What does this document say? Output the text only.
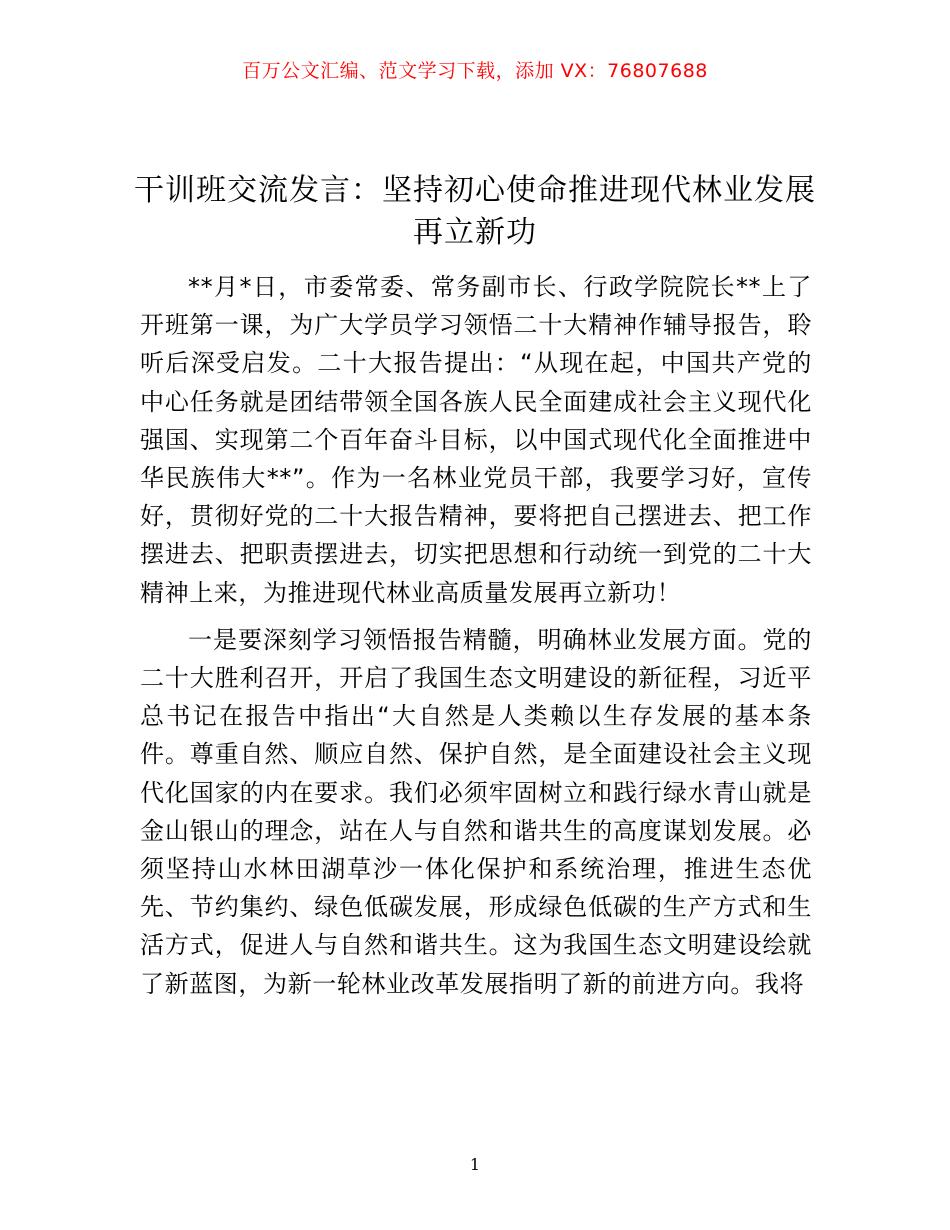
百万公文汇编、范文学习下载，添加 VX：76807688
干训班交流发言：坚持初心使命推进现代林业发展再立新功

**月*日，市委常委、常务副市长、行政学院院长**上了开班第一课，为广大学员学习领悟二十大精神作辅导报告，聆听后深受启发。二十大报告提出：“从现在起，中国共产党的中心任务就是团结带领全国各族人民全面建成社会主义现代化强国、实现第二个百年奋斗目标，以中国式现代化全面推进中华民族伟大**”。作为一名林业党员干部，我要学习好，宣传好，贯彻好党的二十大报告精神，要将把自己摆进去、把工作摆进去、把职责摆进去，切实把思想和行动统一到党的二十大精神上来，为推进现代林业高质量发展再立新功！

一是要深刻学习领悟报告精髓，明确林业发展方面。党的二十大胜利召开，开启了我国生态文明建设的新征程，习近平总书记在报告中指出“大自然是人类赖以生存发展的基本条件。尊重自然、顺应自然、保护自然，是全面建设社会主义现代化国家的内在要求。我们必须牢固树立和践行绿水青山就是金山银山的理念，站在人与自然和谐共生的高度谋划发展。必须坚持山水林田湖草沙一体化保护和系统治理，推进生态优先、节约集约、绿色低碳发展，形成绿色低碳的生产方式和生活方式，促进人与自然和谐共生。这为我国生态文明建设绘就了新蓝图，为新一轮林业改革发展指明了新的前进方向。我将

1
